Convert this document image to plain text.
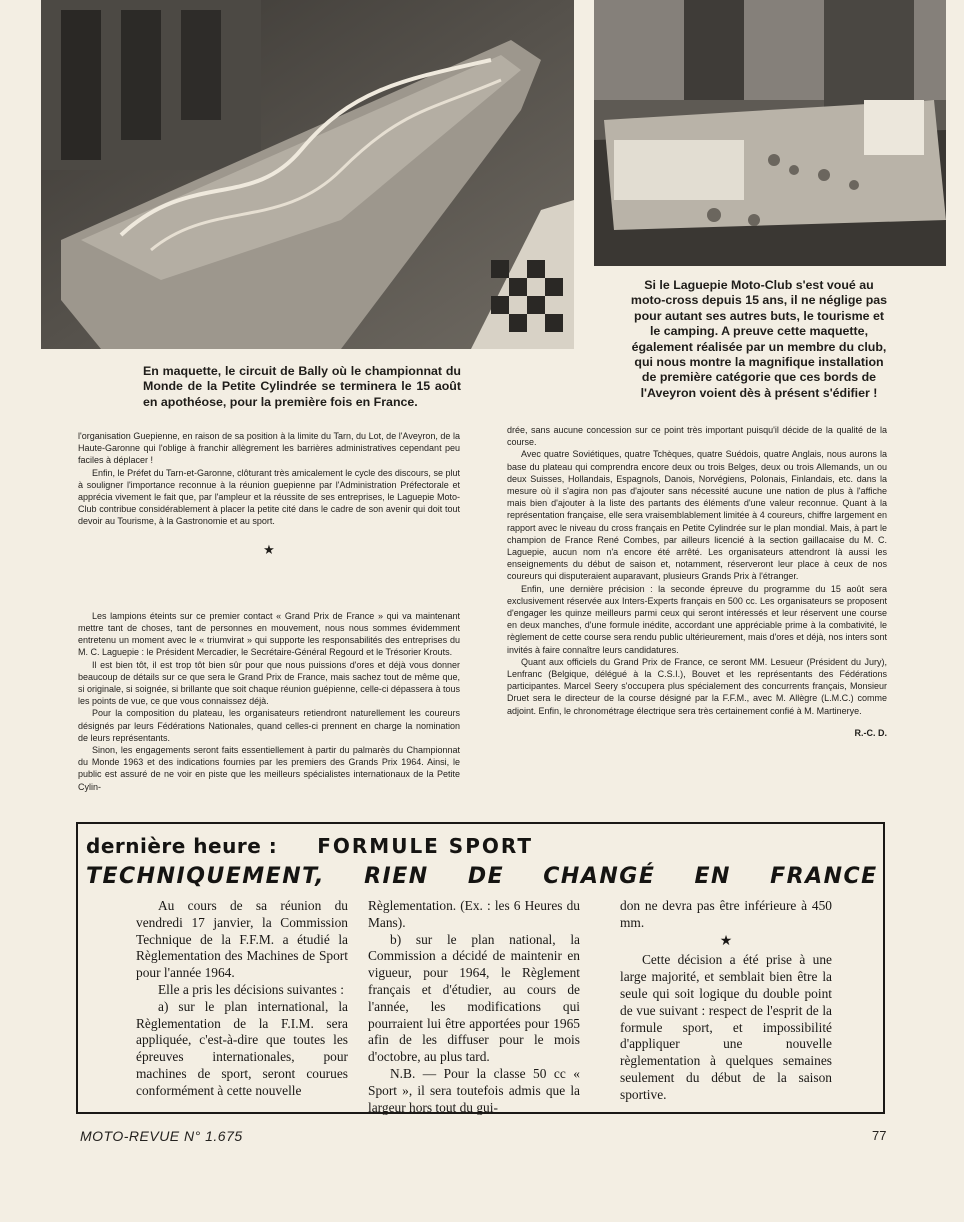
En maquette, le circuit de Bally où le championnat du Monde de la Petite Cylindrée se terminera le 15 août en apothéose, pour la première fois en France.
Si le Laguepie Moto-Club s'est voué au moto-cross depuis 15 ans, il ne néglige pas pour autant ses autres buts, le tourisme et le camping. A preuve cette maquette, également réalisée par un membre du club, qui nous montre la magnifique installation de première catégorie que ces bords de l'Aveyron voient dès à présent s'édifier !

l'organisation Guepienne, en raison de sa position à la limite du Tarn, du Lot, de l'Aveyron, de la Haute-Garonne qui l'oblige à franchir allègrement les barrières administratives cependant peu faciles à déplacer !

Enfin, le Préfet du Tarn-et-Garonne, clôturant très amicalement le cycle des discours, se plut à souligner l'importance reconnue à la réunion guepienne par l'Administration Préfectorale et apprécia vivement le fait que, par l'ampleur et la réussite de ses entreprises, le Laguepie Moto-Club contribue considérablement à placer la petite cité dans le cadre de son avenir qui doit tout devoir au Tourisme, à la Gastronomie et au sport.

★

Les lampions éteints sur ce premier contact « Grand Prix de France » qui va maintenant mettre tant de choses, tant de personnes en mouvement, nous nous sommes évidemment entretenu un moment avec le « triumvirat » qui supporte les responsabilités des entreprises du M. C. Laguepie : le Président Mercadier, le Secrétaire-Général Regourd et le Trésorier Krouts.

Il est bien tôt, il est trop tôt bien sûr pour que nous puissions d'ores et déjà vous donner beaucoup de détails sur ce que sera le Grand Prix de France, mais sachez tout de même que, si originale, si soignée, si brillante que soit chaque réunion guépienne, celle-ci dépassera à tous les points de vue, ce que vous connaissez déjà.

Pour la composition du plateau, les organisateurs retiendront naturellement les coureurs désignés par leurs Fédérations Nationales, quand celles-ci prennent en charge la nomination de leurs représentants.

Sinon, les engagements seront faits essentiellement à partir du palmarès du Championnat du Monde 1963 et des indications fournies par les premiers des Grands Prix 1964. Ainsi, le public est assuré de ne voir en piste que les meilleurs spécialistes internationaux de la Petite Cylin-

drée, sans aucune concession sur ce point très important puisqu'il décide de la qualité de la course.

Avec quatre Soviétiques, quatre Tchèques, quatre Suédois, quatre Anglais, nous aurons la base du plateau qui comprendra encore deux ou trois Belges, deux ou trois Allemands, un ou deux Suisses, Hollandais, Espagnols, Danois, Norvégiens, Polonais, Finlandais, etc. dans la mesure où il s'agira non pas d'ajouter sans nécessité aucune une nation de plus à l'affiche mais bien d'ajouter à la liste des partants des éléments d'une valeur reconnue. Quant à la représentation française, elle sera vraisemblablement limitée à 4 coureurs, chiffre largement en rapport avec le niveau du cross français en Petite Cylindrée sur le plan mondial. Mais, à part le champion de France René Combes, par ailleurs licencié à la section gaillacaise du M. C. Laguepie, aucun nom n'a encore été arrêté. Les organisateurs attendront là aussi les enseignements du début de saison et, notamment, réserveront leur place à ceux de nos coureurs qui disputeraient auparavant, plusieurs Grands Prix à l'étranger.

Enfin, une dernière précision : la seconde épreuve du programme du 15 août sera exclusivement réservée aux Inters-Experts français en 500 cc. Les organisateurs se proposent d'engager les quinze meilleurs parmi ceux qui seront intéressés et leur réservent une course en deux manches, d'une formule inédite, accordant une appréciable prime à la combativité, le règlement de cette course sera rendu public ultérieurement, mais d'ores et déjà, nos inters sont invités à faire connaître leurs candidatures.

Quant aux officiels du Grand Prix de France, ce seront MM. Lesueur (Président du Jury), Lenfranc (Belgique, délégué à la C.S.I.), Bouvet et les représentants des Fédérations participantes. Marcel Seery s'occupera plus spécialement des concurrents français, Monsieur Druet sera le directeur de la course désigné par la F.F.M., avec M. Allègre (L.M.C.) comme adjoint. Enfin, le chronométrage électrique sera très certainement confié à M. Martinerye.

R.-C. D.

dernière heure : FORMULE SPORT
TECHNIQUEMENT, RIEN DE CHANGÉ EN FRANCE

Au cours de sa réunion du vendredi 17 janvier, la Commission Technique de la F.F.M. a étudié la Règlementation des Machines de Sport pour l'année 1964.

Elle a pris les décisions suivantes :

a) sur le plan international, la Règlementation de la F.I.M. sera appliquée, c'est-à-dire que toutes les épreuves internationales, pour machines de sport, seront courues conformément à cette nouvelle

Règlementation. (Ex. : les 6 Heures du Mans).

b) sur le plan national, la Commission a décidé de maintenir en vigueur, pour 1964, le Règlement français et d'étudier, au cours de l'année, les modifications qui pourraient lui être apportées pour 1965 afin de les diffuser pour le mois d'octobre, au plus tard.

N.B. — Pour la classe 50 cc « Sport », il sera toutefois admis que la largeur hors tout du gui-

don ne devra pas être inférieure à 450 mm.

★

Cette décision a été prise à une large majorité, et semblait bien être la seule qui soit logique du double point de vue suivant : respect de l'esprit de la formule sport, et impossibilité d'appliquer une nouvelle règlementation à quelques semaines seulement du début de la saison sportive.

MOTO-REVUE N° 1.675	77
